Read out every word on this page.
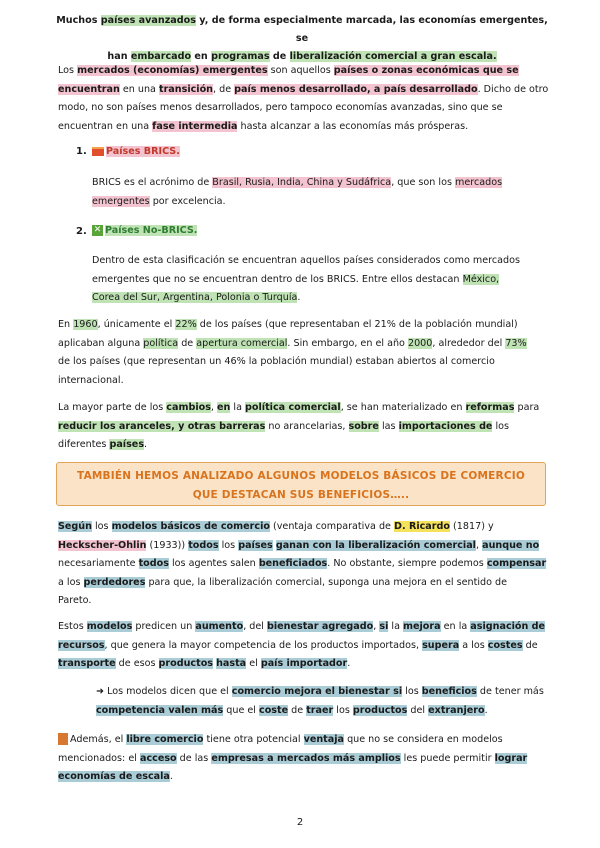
Muchos países avanzados y, de forma especialmente marcada, las economías emergentes, se
han embarcado en programas de liberalización comercial a gran escala.
Los mercados (economías) emergentes son aquellos países o zonas económicas que se
encuentran en una transición, de país menos desarrollado, a país desarrollado. Dicho de otro
modo, no son países menos desarrollados, pero tampoco economías avanzadas, sino que se
encuentran en una fase intermedia hasta alcanzar a las economías más prósperas.
1.	Países BRICS.
BRICS es el acrónimo de Brasil, Rusia, India, China y Sudáfrica, que son los mercados
emergentes por excelencia.
2. ✕ Países No-BRICS.
Dentro de esta clasificación se encuentran aquellos países considerados como mercados
emergentes que no se encuentran dentro de los BRICS. Entre ellos destacan México,
Corea del Sur, Argentina, Polonia o Turquía.
En 1960, únicamente el 22% de los países (que representaban el 21% de la población mundial)
aplicaban alguna política de apertura comercial. Sin embargo, en el año 2000, alrededor del 73%
de los países (que representan un 46% la población mundial) estaban abiertos al comercio
internacional.
La mayor parte de los cambios, en la política comercial, se han materializado en reformas para
reducir los aranceles, y otras barreras no arancelarias, sobre las importaciones de los
diferentes países.
TAMBIÉN HEMOS ANALIZADO ALGUNOS MODELOS BÁSICOS DE COMERCIO
QUE DESTACAN SUS BENEFICIOS…..
Según los modelos básicos de comercio (ventaja comparativa de D. Ricardo (1817) y
Heckscher-Ohlin (1933)) todos los países ganan con la liberalización comercial, aunque no
necesariamente todos los agentes salen beneficiados. No obstante, siempre podemos compensar
a los perdedores para que, la liberalización comercial, suponga una mejora en el sentido de
Pareto.
Estos modelos predicen un aumento, del bienestar agregado, si la mejora en la asignación de
recursos, que genera la mayor competencia de los productos importados, supera a los costes de
transporte de esos productos hasta el país importador.
➜ Los modelos dicen que el comercio mejora el bienestar si los beneficios de tener más
competencia valen más que el coste de traer los productos del extranjero.
Además, el libre comercio tiene otra potencial ventaja que no se considera en modelos
mencionados: el acceso de las empresas a mercados más amplios les puede permitir lograr
economías de escala.
2
